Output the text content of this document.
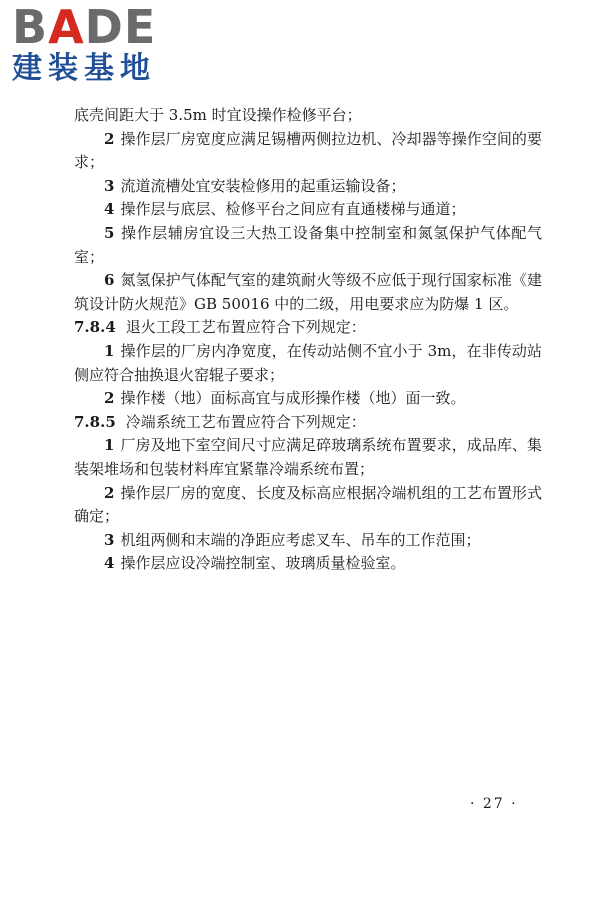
BADE
建装基地

底壳间距大于 3.5m 时宜设操作检修平台；

2 操作层厂房宽度应满足锡槽两侧拉边机、冷却器等操作空间的要求；

3 流道流槽处宜安装检修用的起重运输设备；

4 操作层与底层、检修平台之间应有直通楼梯与通道；

5 操作层辅房宜设三大热工设备集中控制室和氮氢保护气体配气室；

6 氮氢保护气体配气室的建筑耐火等级不应低于现行国家标准《建筑设计防火规范》GB 50016 中的二级，用电要求应为防爆 1 区。

7.8.4 退火工段工艺布置应符合下列规定：

1 操作层的厂房内净宽度，在传动站侧不宜小于 3m，在非传动站侧应符合抽换退火窑辊子要求；

2 操作楼（地）面标高宜与成形操作楼（地）面一致。

7.8.5 冷端系统工艺布置应符合下列规定：

1 厂房及地下室空间尺寸应满足碎玻璃系统布置要求，成品库、集装架堆场和包装材料库宜紧靠冷端系统布置；

2 操作层厂房的宽度、长度及标高应根据冷端机组的工艺布置形式确定；

3 机组两侧和末端的净距应考虑叉车、吊车的工作范围；

4 操作层应设冷端控制室、玻璃质量检验室。

· 27 ·
